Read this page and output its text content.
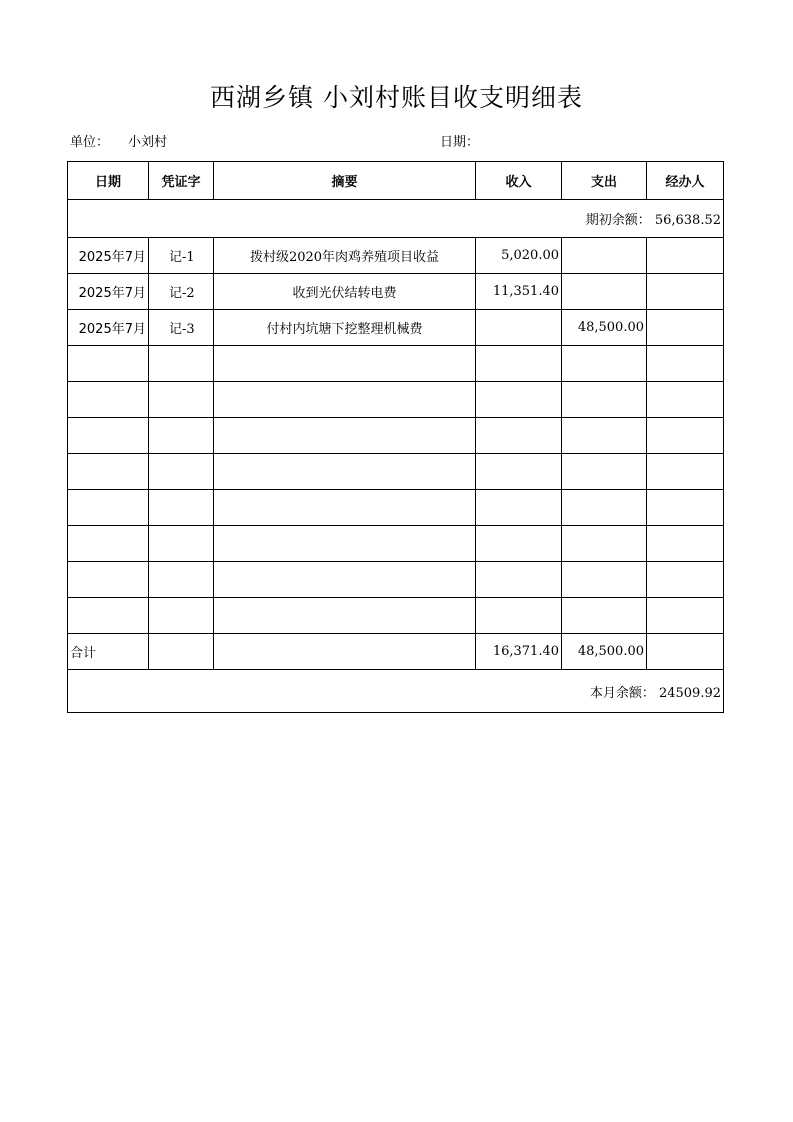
西湖乡镇 小刘村账目收支明细表
单位： 小刘村	日期：
日期	凭证字	摘要	收入	支出	经办人
期初余额： 56,638.52					
2025年7月	记-1	拨村级2020年肉鸡养殖项目收益	5,020.00		
2025年7月	记-2	收到光伏结转电费	11,351.40		
2025年7月	记-3	付村内坑塘下挖整理机械费		48,500.00	

合计			16,371.40	48,500.00	
本月余额： 24509.92					
